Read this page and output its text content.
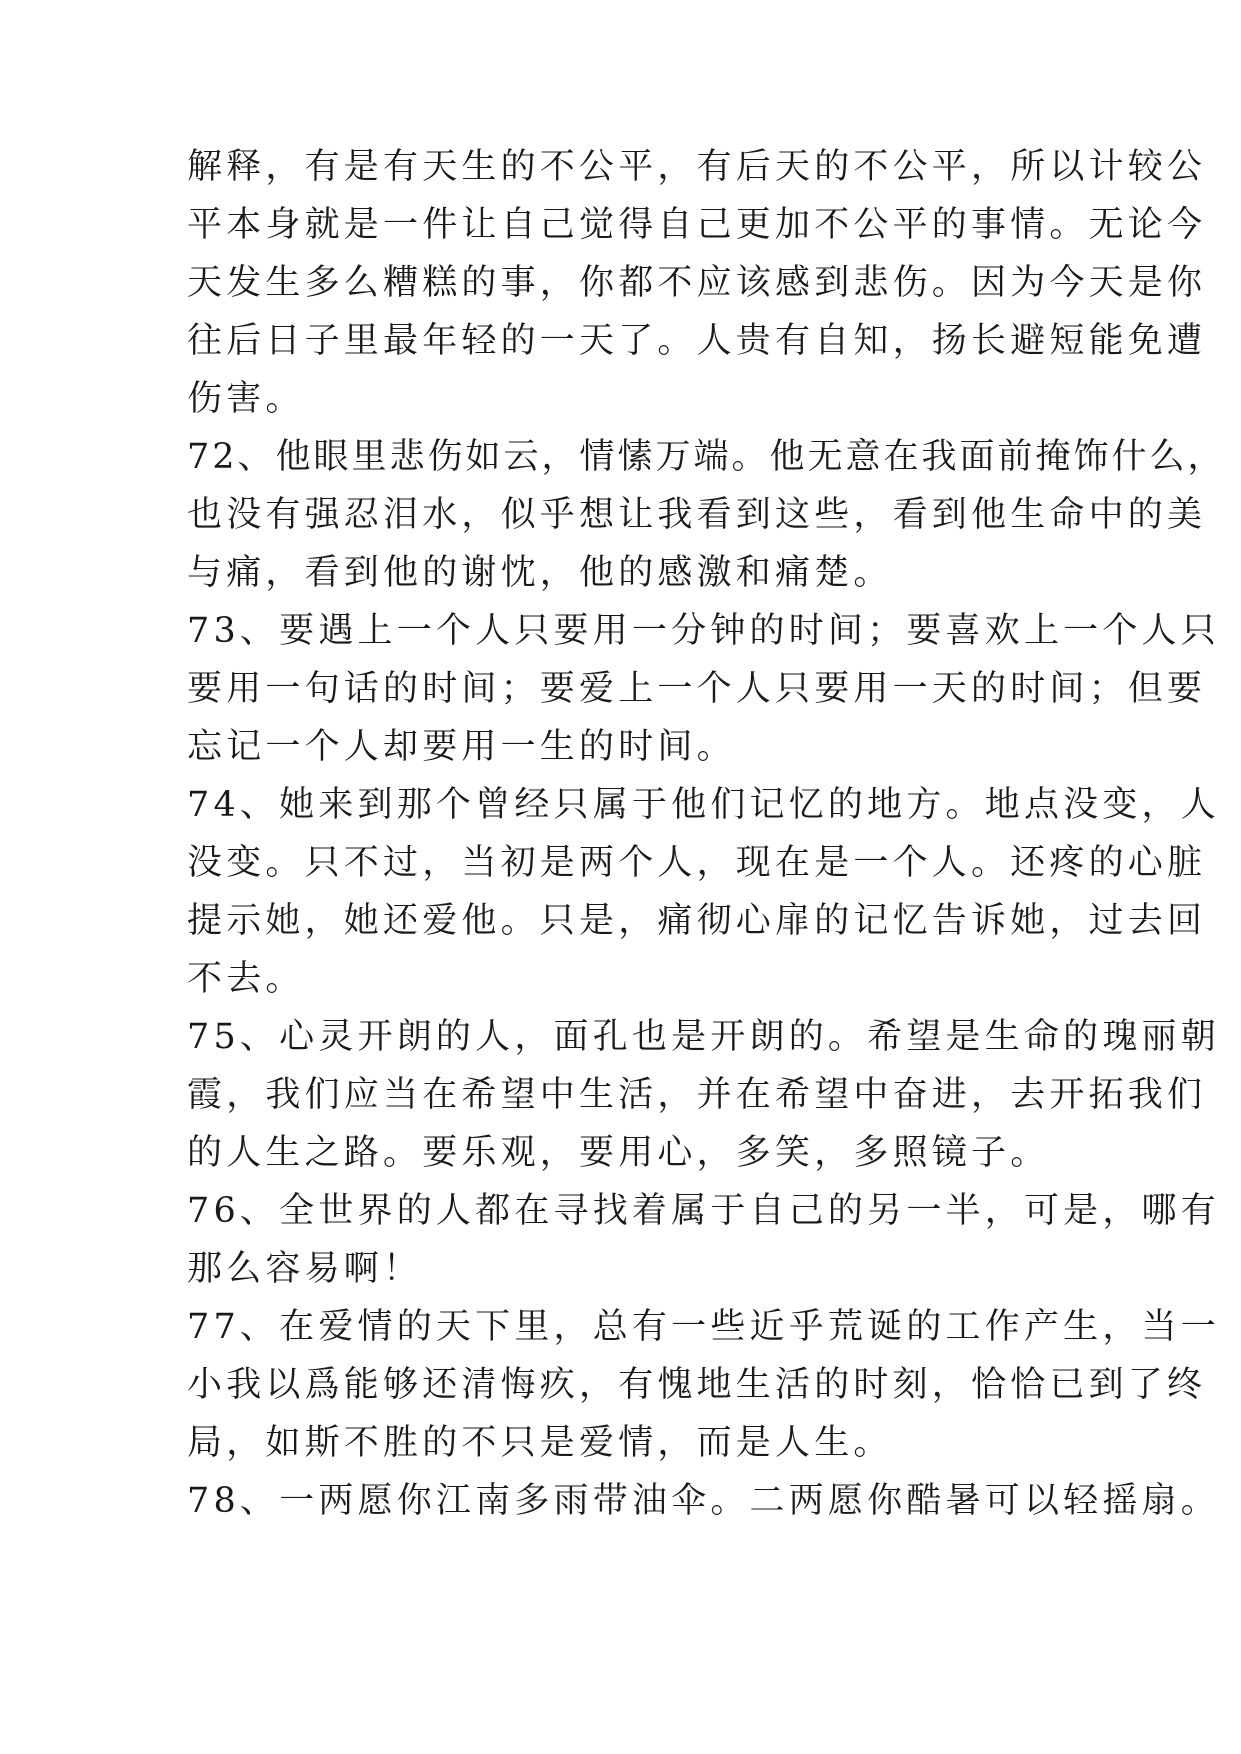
解释，有是有天生的不公平，有后天的不公平，所以计较公
平本身就是一件让自己觉得自己更加不公平的事情。无论今
天发生多么糟糕的事，你都不应该感到悲伤。因为今天是你
往后日子里最年轻的一天了。人贵有自知，扬长避短能免遭
伤害。
72、他眼里悲伤如云，情愫万端。他无意在我面前掩饰什么，
也没有强忍泪水，似乎想让我看到这些，看到他生命中的美
与痛，看到他的谢忱，他的感激和痛楚。
73、要遇上一个人只要用一分钟的时间；要喜欢上一个人只
要用一句话的时间；要爱上一个人只要用一天的时间；但要
忘记一个人却要用一生的时间。
74、她来到那个曾经只属于他们记忆的地方。地点没变，人
没变。只不过，当初是两个人，现在是一个人。还疼的心脏
提示她，她还爱他。只是，痛彻心扉的记忆告诉她，过去回
不去。
75、心灵开朗的人，面孔也是开朗的。希望是生命的瑰丽朝
霞，我们应当在希望中生活，并在希望中奋进，去开拓我们
的人生之路。要乐观，要用心，多笑，多照镜子。
76、全世界的人都在寻找着属于自己的另一半，可是，哪有
那么容易啊！
77、在爱情的天下里，总有一些近乎荒诞的工作产生，当一
小我以爲能够还清悔疚，有愧地生活的时刻，恰恰已到了终
局，如斯不胜的不只是爱情，而是人生。
78、一两愿你江南多雨带油伞。二两愿你酷暑可以轻摇扇。
